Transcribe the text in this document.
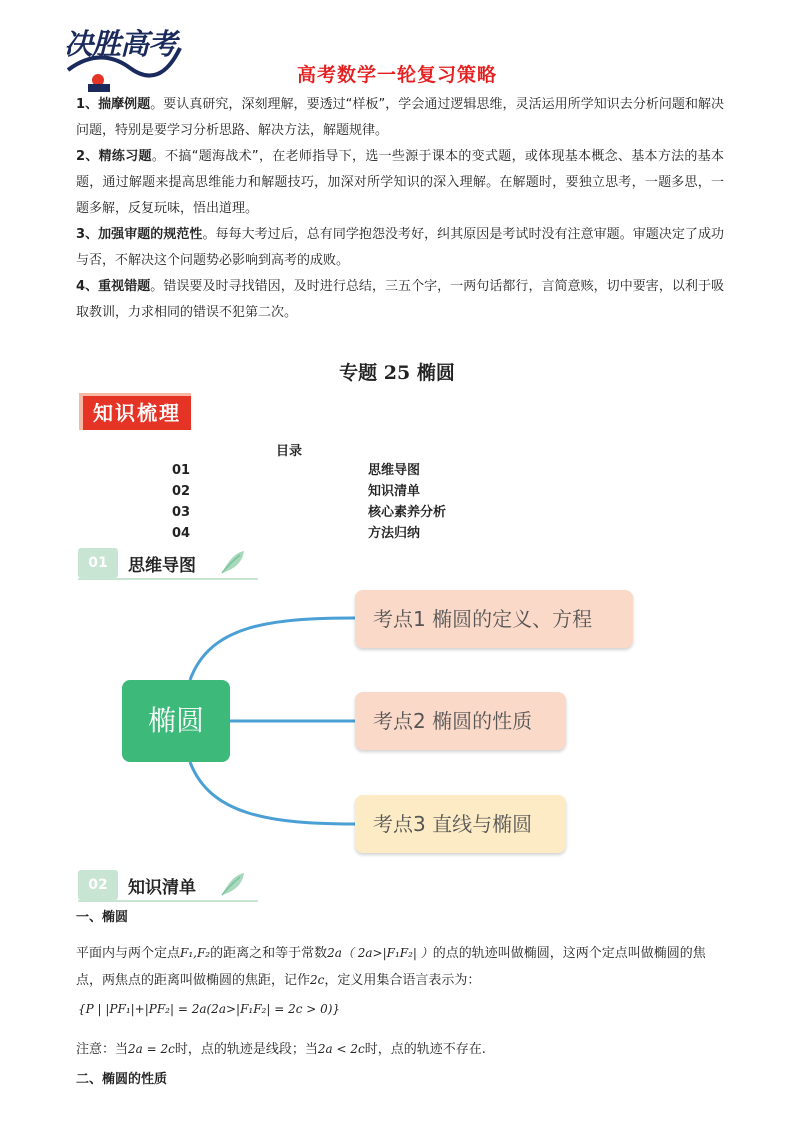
决胜高考
高考数学一轮复习策略

1、揣摩例题。要认真研究，深刻理解，要透过“样板”，学会通过逻辑思维，灵活运用所学知识去分析问题和解决问题，特别是要学习分析思路、解决方法，解题规律。

2、精练习题。不搞“题海战术”，在老师指导下，选一些源于课本的变式题，或体现基本概念、基本方法的基本题，通过解题来提高思维能力和解题技巧，加深对所学知识的深入理解。在解题时，要独立思考，一题多思，一题多解，反复玩味，悟出道理。

3、加强审题的规范性。每每大考过后，总有同学抱怨没考好，纠其原因是考试时没有注意审题。审题决定了成功与否，不解决这个问题势必影响到高考的成败。

4、重视错题。错误要及时寻找错因，及时进行总结，三五个字，一两句话都行，言简意赅，切中要害，以利于吸取教训，力求相同的错误不犯第二次。

专题 25 椭圆
知识梳理
目录
01	思维导图
02	知识清单
03	核心素养分析
04	方法归纳
01	思维导图
椭圆
考点1 椭圆的定义、方程
考点2 椭圆的性质
考点3 直线与椭圆
02	知识清单
一、椭圆
平面内与两个定点F₁,F₂的距离之和等于常数2a（ 2a>|F₁F₂| ）的点的轨迹叫做椭圆，这两个定点叫做椭圆的焦点，两焦点的距离叫做椭圆的焦距，记作2c，定义用集合语言表示为：
{P | |PF₁|+|PF₂| = 2a(2a>|F₁F₂| = 2c > 0)}
注意：当2a = 2c时，点的轨迹是线段；当2a < 2c时，点的轨迹不存在.
二、椭圆的性质
